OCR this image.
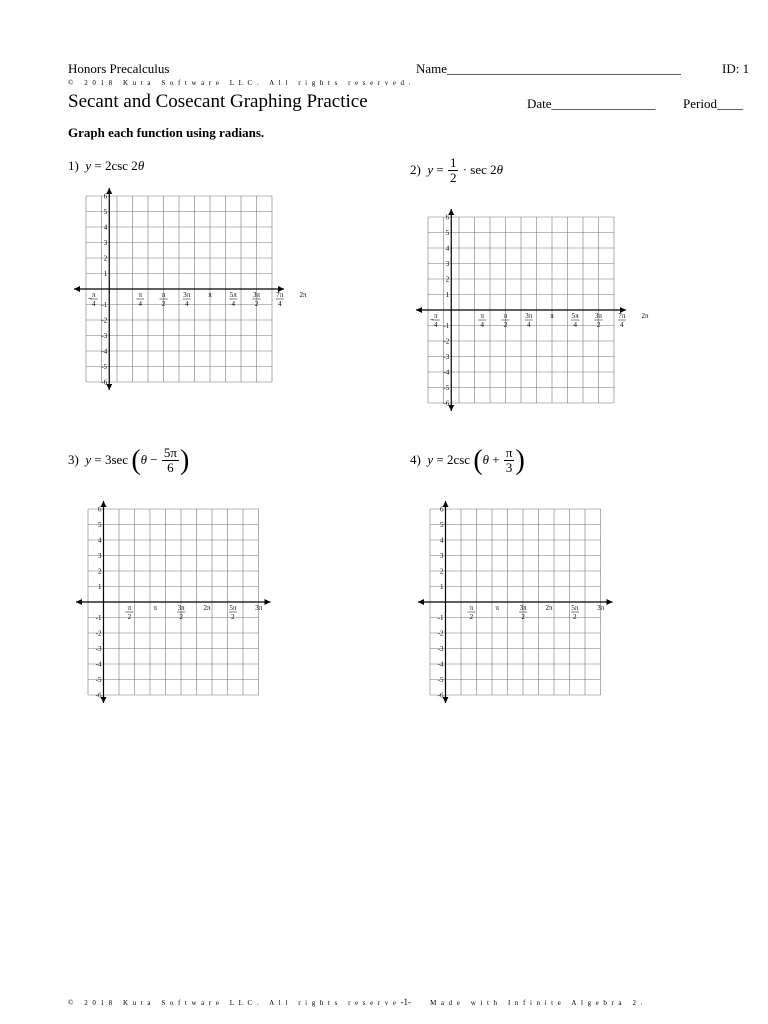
Honors Precalculus	Name____________________________________	ID: 1
© 2018 Kuta Software LLC. All rights reserved.
Secant and Cosecant Graphing Practice	Date________________ Period____
Graph each function using radians.
1) y = 2csc 2θ	2) $y = \frac{1}{2} \cdot \sec 2\theta$
3) y = 3sec ($\theta - \frac{5\pi}{6}$ )	4) y = 2csc ($\theta + \frac{\pi}{3}$ )
6
5
4
3
2
1
-1
-2
-3
-4
-5
-6
– π
4
π
4
π
2
3π
4
π	5π
4
3π
2
7π
4
2π
6
5
4
3
2
1
-1
-2
-3
-4
-5
-6
– π
4
π
4
π
2
3π
4
π	5π
4
3π
2
7π
4
2π
6
5
4
3
2
1
-1
-2
-3
-4
-5
-6
π
2
π	3π
2
2π	5π
2
3π
6
5
4
3
2
1
-1
-2
-3
-4
-5
-6
π
2
π	3π
2
2π	5π
2
3π
© 2018 Kuta Software LLC. All rights reserve-1-	Made with Infinite Algebra 2.
